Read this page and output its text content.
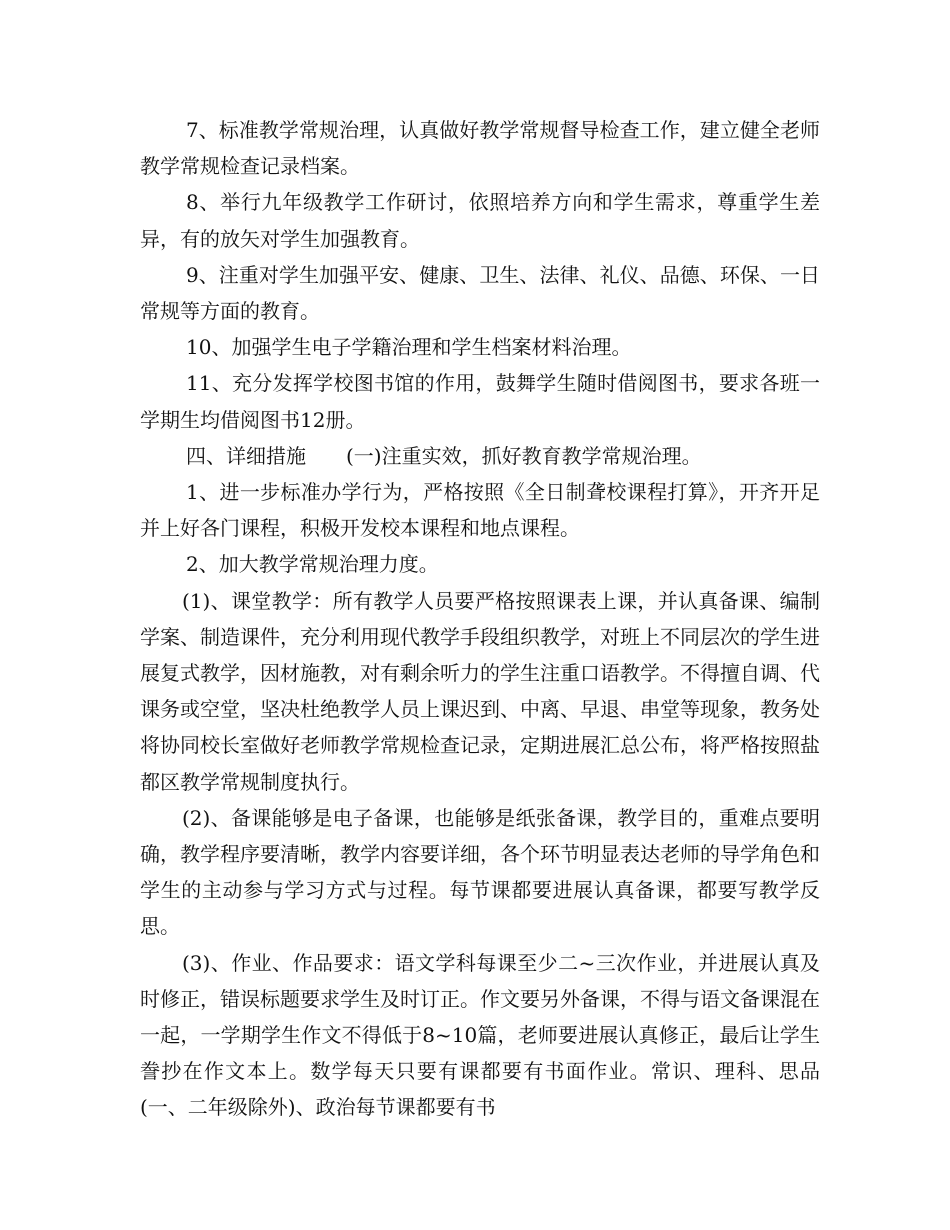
7、标准教学常规治理，认真做好教学常规督导检查工作，建立健全老师教学常规检查记录档案。

8、举行九年级教学工作研讨，依照培养方向和学生需求，尊重学生差异，有的放矢对学生加强教育。

9、注重对学生加强平安、健康、卫生、法律、礼仪、品德、环保、一日常规等方面的教育。

10、加强学生电子学籍治理和学生档案材料治理。

11、充分发挥学校图书馆的作用，鼓舞学生随时借阅图书，要求各班一学期生均借阅图书12册。

四、详细措施　　(一)注重实效，抓好教育教学常规治理。

1、进一步标准办学行为，严格按照《全日制聋校课程打算》，开齐开足并上好各门课程，积极开发校本课程和地点课程。

2、加大教学常规治理力度。

(1)、课堂教学：所有教学人员要严格按照课表上课，并认真备课、编制学案、制造课件，充分利用现代教学手段组织教学，对班上不同层次的学生进展复式教学，因材施教，对有剩余听力的学生注重口语教学。不得擅自调、代课务或空堂，坚决杜绝教学人员上课迟到、中离、早退、串堂等现象，教务处将协同校长室做好老师教学常规检查记录，定期进展汇总公布，将严格按照盐都区教学常规制度执行。

(2)、备课能够是电子备课，也能够是纸张备课，教学目的，重难点要明确，教学程序要清晰，教学内容要详细，各个环节明显表达老师的导学角色和学生的主动参与学习方式与过程。每节课都要进展认真备课，都要写教学反思。

(3)、作业、作品要求：语文学科每课至少二~三次作业，并进展认真及时修正，错误标题要求学生及时订正。作文要另外备课，不得与语文备课混在一起，一学期学生作文不得低于8~10篇，老师要进展认真修正，最后让学生誊抄在作文本上。数学每天只要有课都要有书面作业。常识、理科、思品(一、二年级除外)、政治每节课都要有书
